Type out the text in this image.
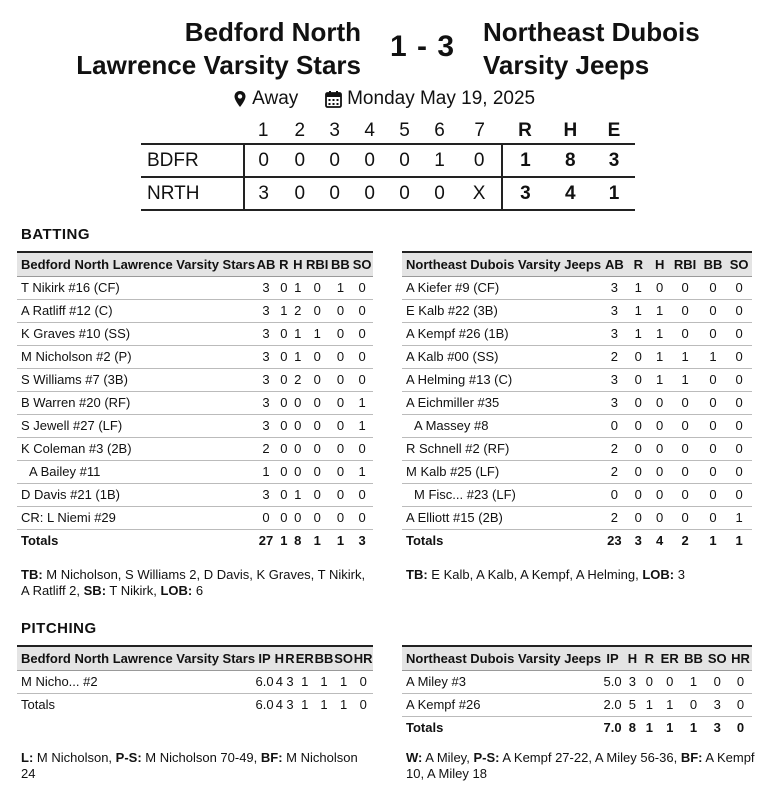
Bedford North
Lawrence Varsity Stars
1 - 3 Northeast Dubois
Varsity Jeeps
Away	Monday May 19, 2025
	1	2	3	4	5	6	7	R	H	E
BDFR	0	0	0	0	0	1	0	1	8	3
NRTH	3	0	0	0	0	0	X	3	4	1
BATTING
Bedford North Lawrence Varsity Stars	AB	R	H	RBI	BB	SO
T Nikirk #16 (CF)	3	0	1	0	1	0
A Ratliff #12 (C)	3	1	2	0	0	0
K Graves #10 (SS)	3	0	1	1	0	0
M Nicholson #2 (P)	3	0	1	0	0	0
S Williams #7 (3B)	3	0	2	0	0	0
B Warren #20 (RF)	3	0	0	0	0	1
S Jewell #27 (LF)	3	0	0	0	0	1
K Coleman #3 (2B)	2	0	0	0	0	0
A Bailey #11	1	0	0	0	0	1
D Davis #21 (1B)	3	0	1	0	0	0
CR: L Niemi #29	0	0	0	0	0	0
Totals	27	1	8	1	1	3
Northeast Dubois Varsity Jeeps	AB	R	H	RBI	BB	SO
A Kiefer #9 (CF)	3	1	0	0	0	0
E Kalb #22 (3B)	3	1	1	0	0	0
A Kempf #26 (1B)	3	1	1	0	0	0
A Kalb #00 (SS)	2	0	1	1	1	0
A Helming #13 (C)	3	0	1	1	0	0
A Eichmiller #35	3	0	0	0	0	0
A Massey #8	0	0	0	0	0	0
R Schnell #2 (RF)	2	0	0	0	0	0
M Kalb #25 (LF)	2	0	0	0	0	0
M Fisc... #23 (LF)	0	0	0	0	0	0
A Elliott #15 (2B)	2	0	0	0	0	1
Totals	23	3	4	2	1	1
TB: M Nicholson, S Williams 2, D Davis, K Graves, T Nikirk, A Ratliff 2, SB: T Nikirk, LOB: 6
TB: E Kalb, A Kalb, A Kempf, A Helming, LOB: 3
PITCHING
Bedford North Lawrence Varsity Stars	IP	H	R	ER	BB	SO	HR
M Nicho... #2	6.0	4	3	1	1	1	0
Totals	6.0	4	3	1	1	1	0
Northeast Dubois Varsity Jeeps	IP	H	R	ER	BB	SO	HR
A Miley #3	5.0	3	0	0	1	0	0
A Kempf #26	2.0	5	1	1	0	3	0
Totals	7.0	8	1	1	1	3	0
L: M Nicholson, P-S: M Nicholson 70-49, BF: M Nicholson 24
W: A Miley, P-S: A Kempf 27-22, A Miley 56-36, BF: A Kempf 10, A Miley 18
